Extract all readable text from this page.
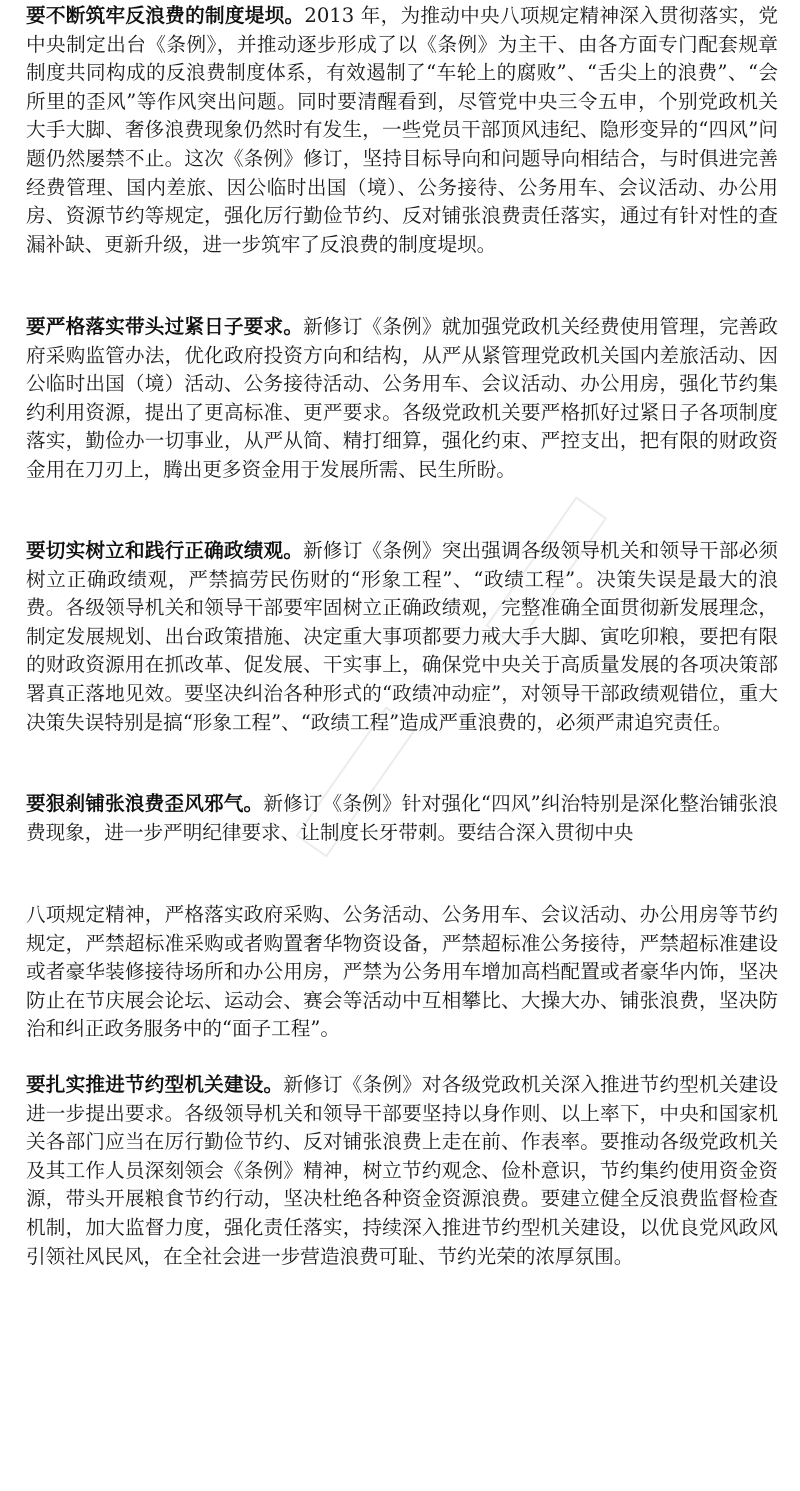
要不断筑牢反浪费的制度堤坝。2013 年，为推动中央八项规定精神深入贯彻落实，党中央制定出台《条例》，并推动逐步形成了以《条例》为主干、由各方面专门配套规章制度共同构成的反浪费制度体系，有效遏制了“车轮上的腐败”、“舌尖上的浪费”、“会所里的歪风”等作风突出问题。同时要清醒看到，尽管党中央三令五申，个别党政机关大手大脚、奢侈浪费现象仍然时有发生，一些党员干部顶风违纪、隐形变异的“四风”问题仍然屡禁不止。这次《条例》修订，坚持目标导向和问题导向相结合，与时俱进完善经费管理、国内差旅、因公临时出国（境）、公务接待、公务用车、会议活动、办公用房、资源节约等规定，强化厉行勤俭节约、反对铺张浪费责任落实，通过有针对性的查漏补缺、更新升级，进一步筑牢了反浪费的制度堤坝。

要严格落实带头过紧日子要求。新修订《条例》就加强党政机关经费使用管理，完善政府采购监管办法，优化政府投资方向和结构，从严从紧管理党政机关国内差旅活动、因公临时出国（境）活动、公务接待活动、公务用车、会议活动、办公用房，强化节约集约利用资源，提出了更高标准、更严要求。各级党政机关要严格抓好过紧日子各项制度落实，勤俭办一切事业，从严从简、精打细算，强化约束、严控支出，把有限的财政资金用在刀刃上，腾出更多资金用于发展所需、民生所盼。

要切实树立和践行正确政绩观。新修订《条例》突出强调各级领导机关和领导干部必须树立正确政绩观，严禁搞劳民伤财的“形象工程”、“政绩工程”。决策失误是最大的浪费。各级领导机关和领导干部要牢固树立正确政绩观，完整准确全面贯彻新发展理念，制定发展规划、出台政策措施、决定重大事项都要力戒大手大脚、寅吃卯粮，要把有限的财政资源用在抓改革、促发展、干实事上，确保党中央关于高质量发展的各项决策部署真正落地见效。要坚决纠治各种形式的“政绩冲动症”，对领导干部政绩观错位，重大决策失误特别是搞“形象工程”、“政绩工程”造成严重浪费的，必须严肃追究责任。

要狠刹铺张浪费歪风邪气。新修订《条例》针对强化“四风”纠治特别是深化整治铺张浪费现象，进一步严明纪律要求、让制度长牙带刺。要结合深入贯彻中央

八项规定精神，严格落实政府采购、公务活动、公务用车、会议活动、办公用房等节约规定，严禁超标准采购或者购置奢华物资设备，严禁超标准公务接待，严禁超标准建设或者豪华装修接待场所和办公用房，严禁为公务用车增加高档配置或者豪华内饰，坚决防止在节庆展会论坛、运动会、赛会等活动中互相攀比、大操大办、铺张浪费，坚决防治和纠正政务服务中的“面子工程”。

要扎实推进节约型机关建设。新修订《条例》对各级党政机关深入推进节约型机关建设进一步提出要求。各级领导机关和领导干部要坚持以身作则、以上率下，中央和国家机关各部门应当在厉行勤俭节约、反对铺张浪费上走在前、作表率。要推动各级党政机关及其工作人员深刻领会《条例》精神，树立节约观念、俭朴意识，节约集约使用资金资源，带头开展粮食节约行动，坚决杜绝各种资金资源浪费。要建立健全反浪费监督检查机制，加大监督力度，强化责任落实，持续深入推进节约型机关建设，以优良党风政风引领社风民风，在全社会进一步营造浪费可耻、节约光荣的浓厚氛围。
